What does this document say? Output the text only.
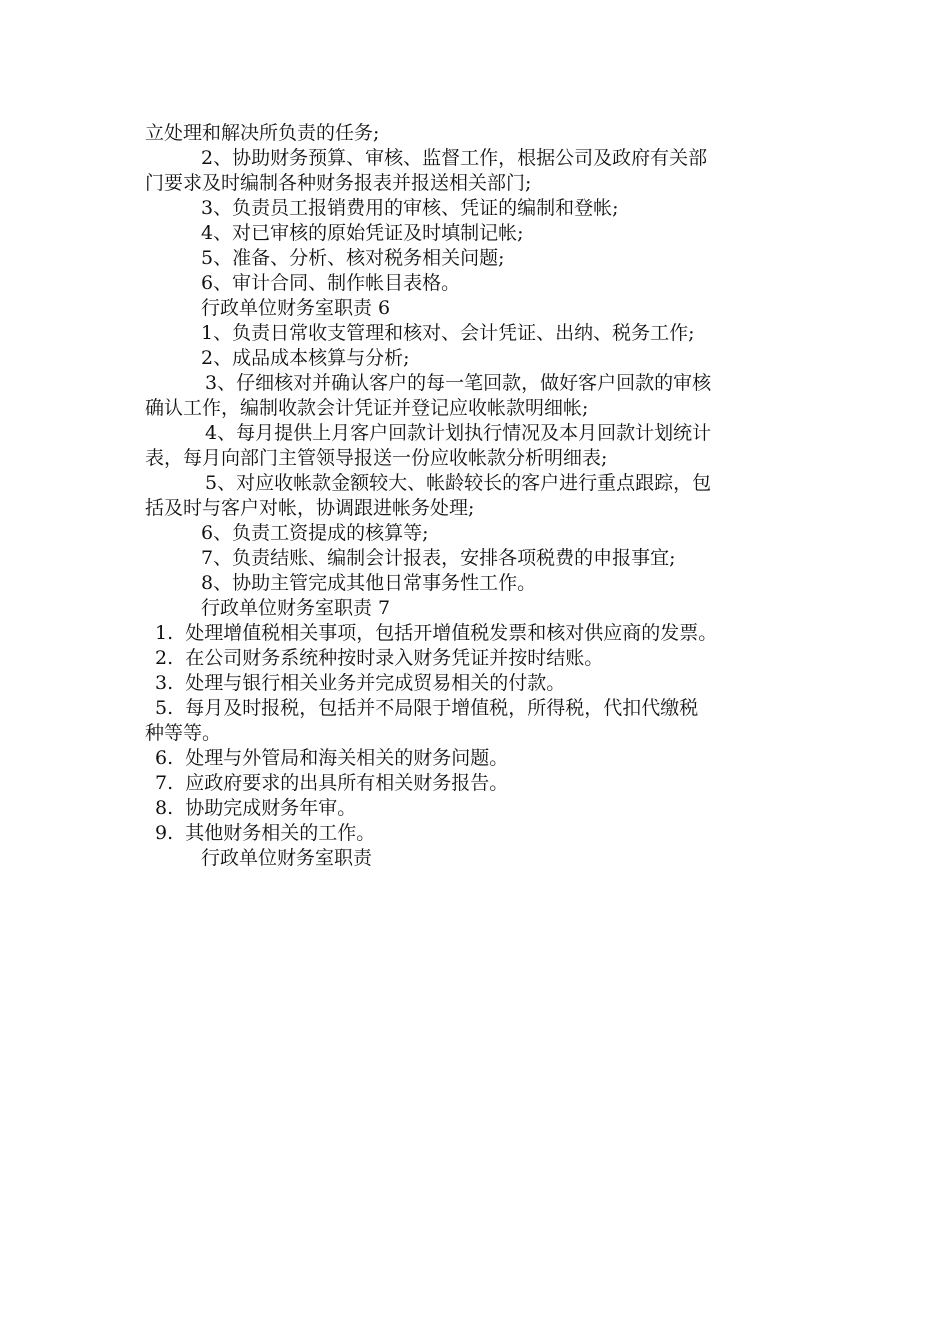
立处理和解决所负责的任务;
2、协助财务预算、审核、监督工作，根据公司及政府有关部
门要求及时编制各种财务报表并报送相关部门;
3、负责员工报销费用的审核、凭证的编制和登帐;
4、对已审核的原始凭证及时填制记帐;
5、准备、分析、核对税务相关问题;
6、审计合同、制作帐目表格。
行政单位财务室职责 6
1、负责日常收支管理和核对、会计凭证、出纳、税务工作;
2、成品成本核算与分析;
3、仔细核对并确认客户的每一笔回款，做好客户回款的审核
确认工作，编制收款会计凭证并登记应收帐款明细帐;
4、每月提供上月客户回款计划执行情况及本月回款计划统计
表，每月向部门主管领导报送一份应收帐款分析明细表;
5、对应收帐款金额较大、帐龄较长的客户进行重点跟踪，包
括及时与客户对帐，协调跟进帐务处理;
6、负责工资提成的核算等;
7、负责结账、编制会计报表，安排各项税费的申报事宜;
8、协助主管完成其他日常事务性工作。
行政单位财务室职责 7
1.  处理增值税相关事项，包括开增值税发票和核对供应商的发票。
2.  在公司财务系统种按时录入财务凭证并按时结账。
3.  处理与银行相关业务并完成贸易相关的付款。
5.  每月及时报税，包括并不局限于增值税，所得税，代扣代缴税
种等等。
6.  处理与外管局和海关相关的财务问题。
7.  应政府要求的出具所有相关财务报告。
8.  协助完成财务年审。
9.  其他财务相关的工作。
行政单位财务室职责
